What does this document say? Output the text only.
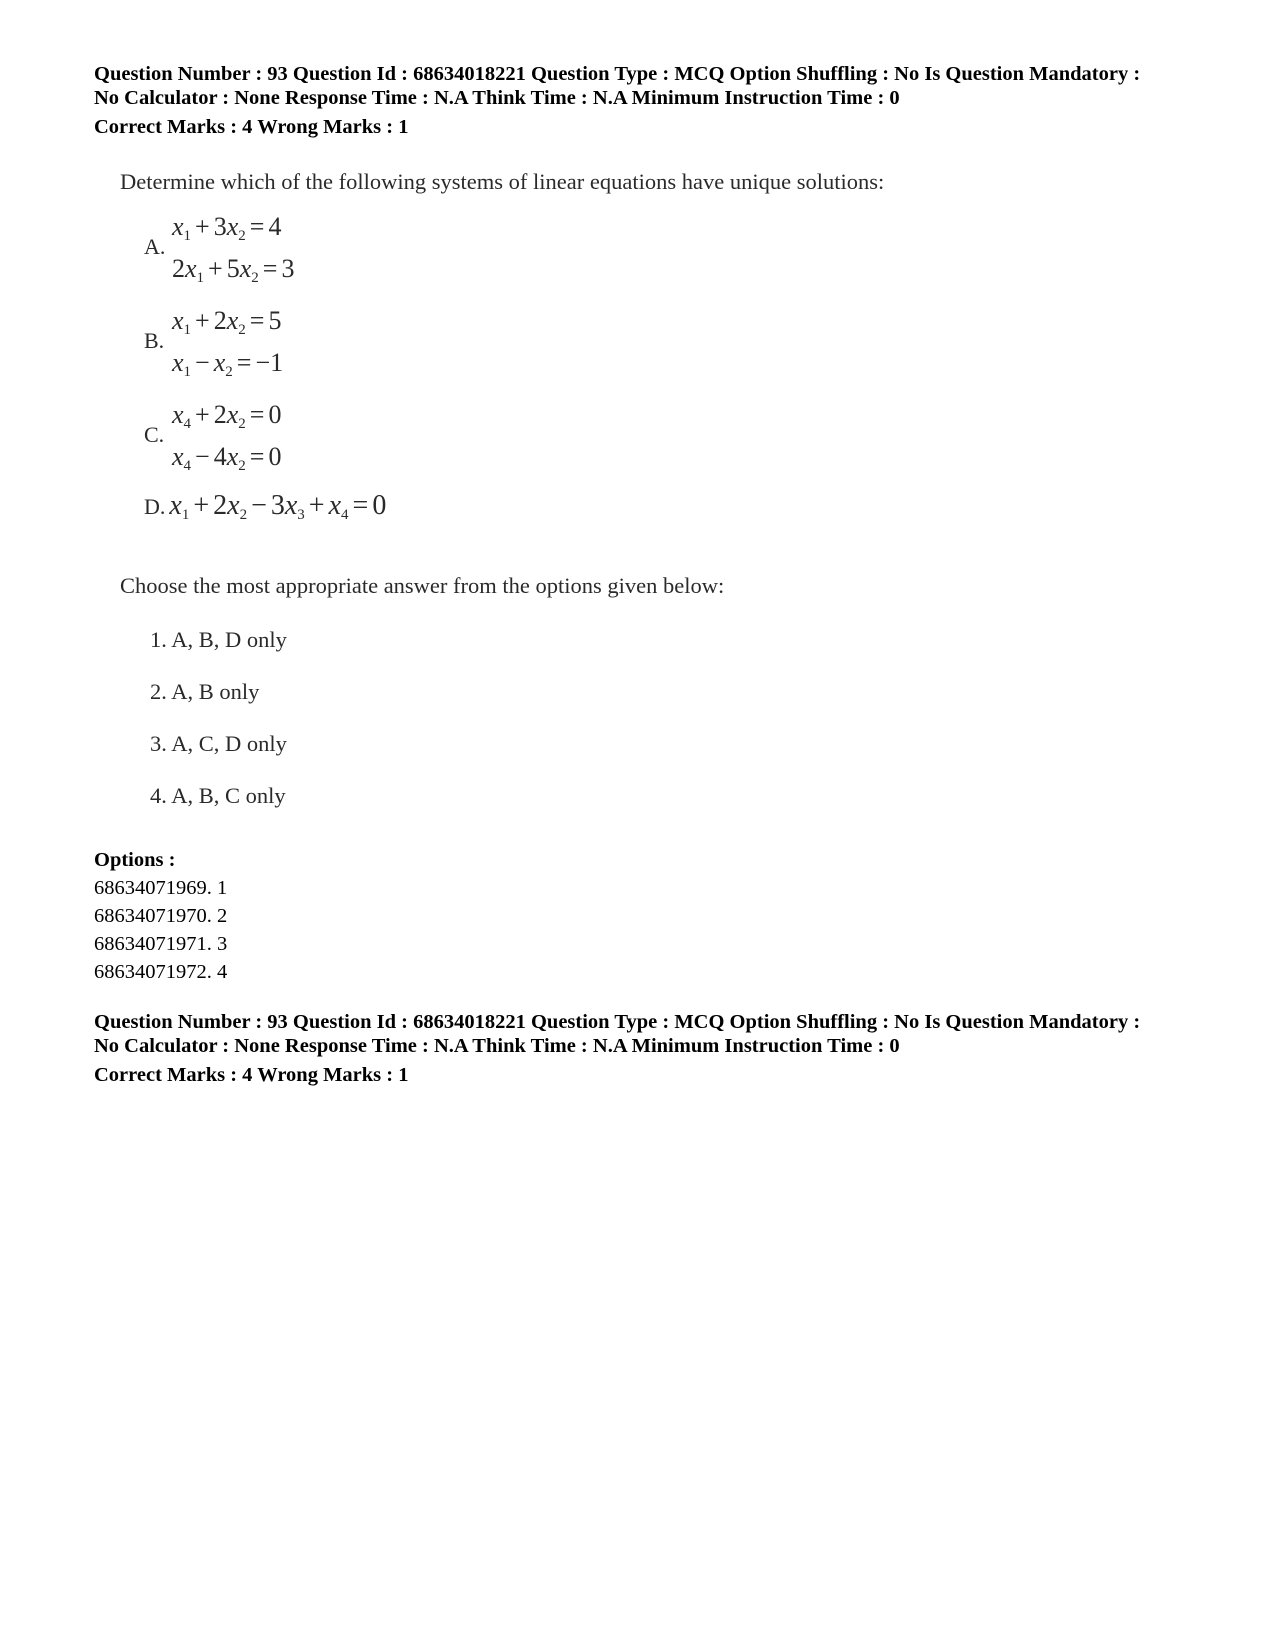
Question Number : 93 Question Id : 68634018221 Question Type : MCQ Option Shuffling : No Is Question Mandatory :
No Calculator : None Response Time : N.A Think Time : N.A Minimum Instruction Time : 0
Correct Marks : 4 Wrong Marks : 1
Determine which of the following systems of linear equations have unique solutions:
A.
$x_1 + 3x_2 = 4$
$2x_1 + 5x_2 = 3$
B.
$x_1 + 2x_2 = 5$
$x_1 - x_2 = -1$
C.
$x_4 + 2x_2 = 0$
$x_4 - 4x_2 = 0$
D. $x_1 + 2x_2 - 3x_3 + x_4 = 0$
Choose the most appropriate answer from the options given below:
1. A, B, D only
2. A, B only
3. A, C, D only
4. A, B, C only
Options :
68634071969. 1
68634071970. 2
68634071971. 3
68634071972. 4
Question Number : 93 Question Id : 68634018221 Question Type : MCQ Option Shuffling : No Is Question Mandatory :
No Calculator : None Response Time : N.A Think Time : N.A Minimum Instruction Time : 0
Correct Marks : 4 Wrong Marks : 1
